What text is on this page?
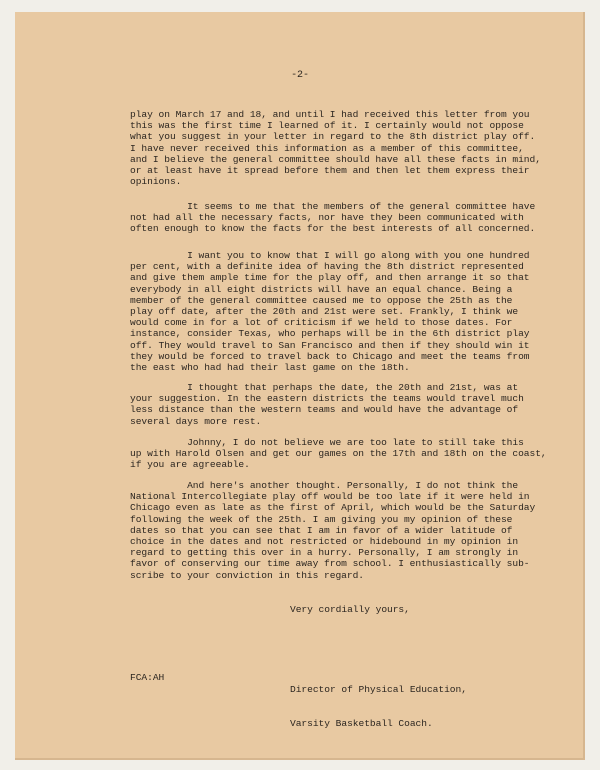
-2-
play on March 17 and 18, and until I had received this letter from you
this was the first time I learned of it. I certainly would not oppose
what you suggest in your letter in regard to the 8th district play off.
I have never received this information as a member of this committee,
and I believe the general committee should have all these facts in mind,
or at least have it spread before them and then let them express their
opinions.
It seems to me that the members of the general committee have
not had all the necessary facts, nor have they been communicated with
often enough to know the facts for the best interests of all concerned.
I want you to know that I will go along with you one hundred
per cent, with a definite idea of having the 8th district represented
and give them ample time for the play off, and then arrange it so that
everybody in all eight districts will have an equal chance. Being a
member of the general committee caused me to oppose the 25th as the
play off date, after the 20th and 21st were set. Frankly, I think we
would come in for a lot of criticism if we held to those dates. For
instance, consider Texas, who perhaps will be in the 6th district play
off. They would travel to San Francisco and then if they should win it
they would be forced to travel back to Chicago and meet the teams from
the east who had had their last game on the 18th.
I thought that perhaps the date, the 20th and 21st, was at
your suggestion. In the eastern districts the teams would travel much
less distance than the western teams and would have the advantage of
several days more rest.
Johnny, I do not believe we are too late to still take this
up with Harold Olsen and get our games on the 17th and 18th on the coast,
if you are agreeable.
And here's another thought. Personally, I do not think the
National Intercollegiate play off would be too late if it were held in
Chicago even as late as the first of April, which would be the Saturday
following the week of the 25th. I am giving you my opinion of these
dates so that you can see that I am in favor of a wider latitude of
choice in the dates and not restricted or hidebound in my opinion in
regard to getting this over in a hurry. Personally, I am strongly in
favor of conserving our time away from school. I enthusiastically sub-
scribe to your conviction in this regard.
Very cordially yours,

Director of Physical Education,

Varsity Basketball Coach.

FCA:AH
